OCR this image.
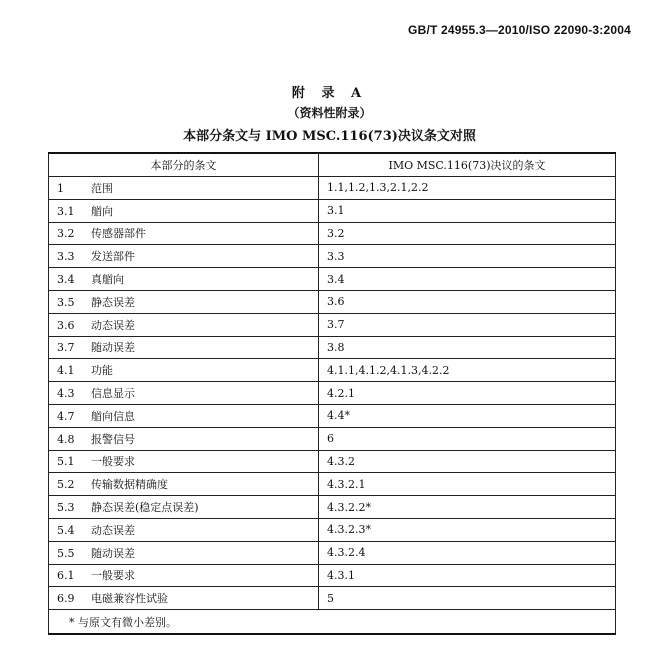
GB/T 24955.3—2010/ISO 22090-3:2004
附 录 A
（资料性附录）
本部分条文与 IMO MSC.116(73)决议条文对照
本部分的条文	IMO MSC.116(73)决议的条文
1 范围	1.1,1.2,1.3,2.1,2.2
3.1 艏向	3.1
3.2 传感器部件	3.2
3.3 发送部件	3.3
3.4 真艏向	3.4
3.5 静态误差	3.6
3.6 动态误差	3.7
3.7 随动误差	3.8
4.1 功能	4.1.1,4.1.2,4.1.3,4.2.2
4.3 信息显示	4.2.1
4.7 艏向信息	4.4*
4.8 报警信号	6
5.1 一般要求	4.3.2
5.2 传输数据精确度	4.3.2.1
5.3 静态误差(稳定点误差)	4.3.2.2*
5.4 动态误差	4.3.2.3*
5.5 随动误差	4.3.2.4
6.1 一般要求	4.3.1
6.9 电磁兼容性试验	5
* 与原文有微小差别。	
